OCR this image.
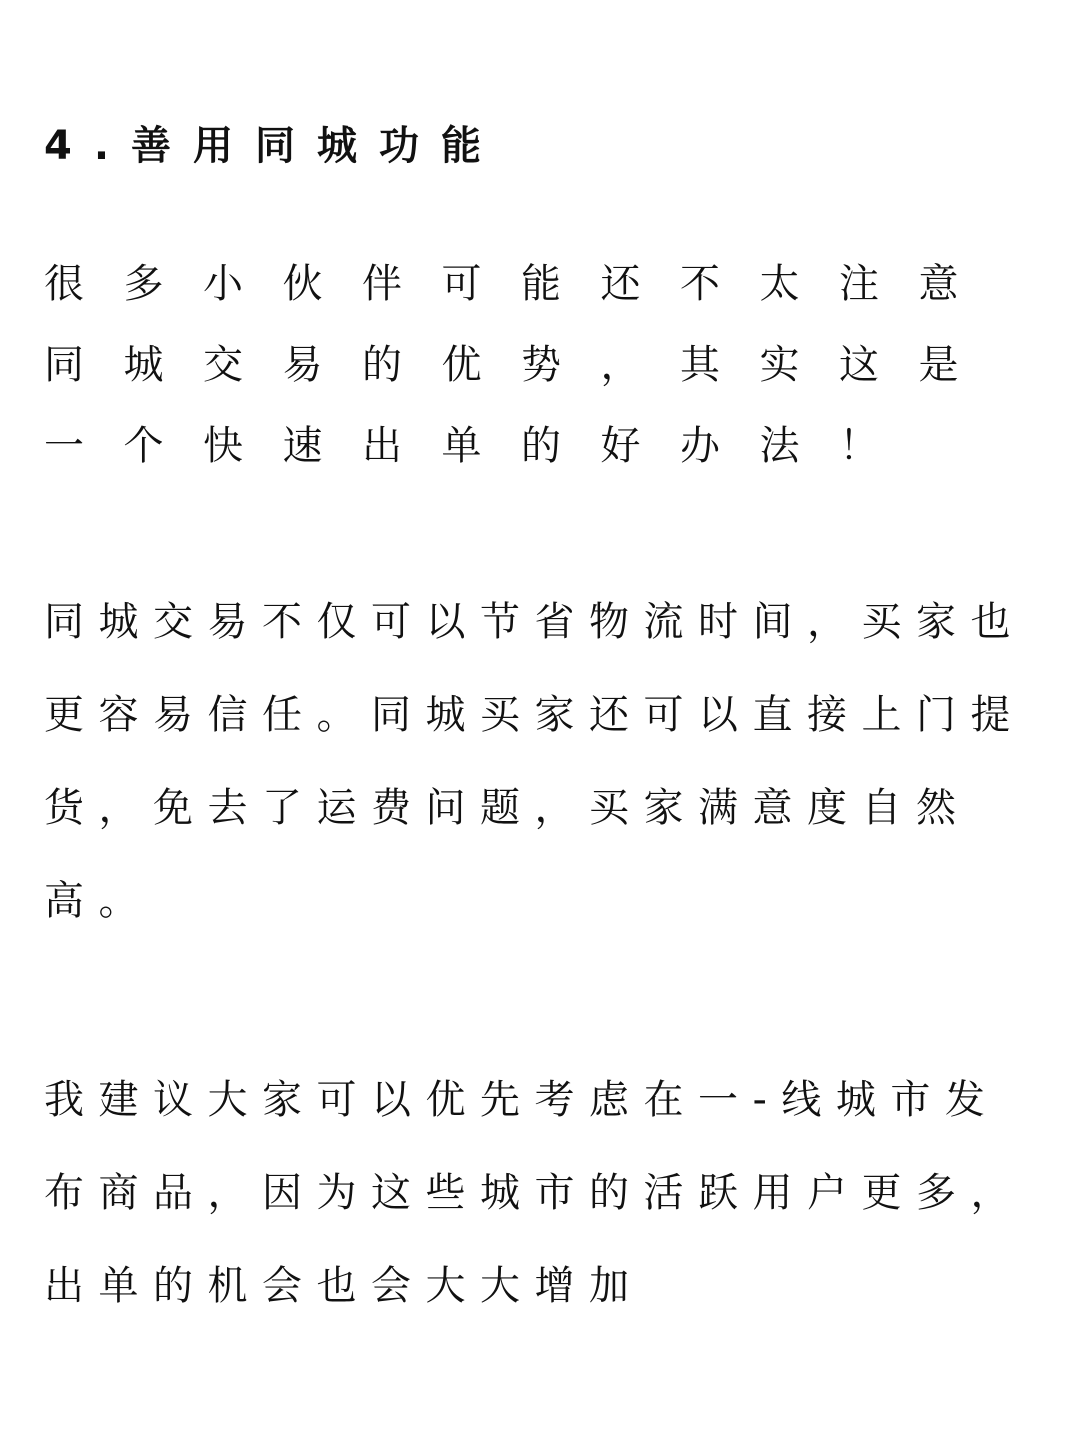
4.善用同城功能

很多小伙伴可能还不太注意
同城交易的优势，其实这是
一个快速出单的好办法！

同城交易不仅可以节省物流时间，买家也
更容易信任。同城买家还可以直接上门提
货，免去了运费问题，买家满意度自然
高。

我建议大家可以优先考虑在一-线城市发
布商品，因为这些城市的活跃用户更多，
出单的机会也会大大增加
